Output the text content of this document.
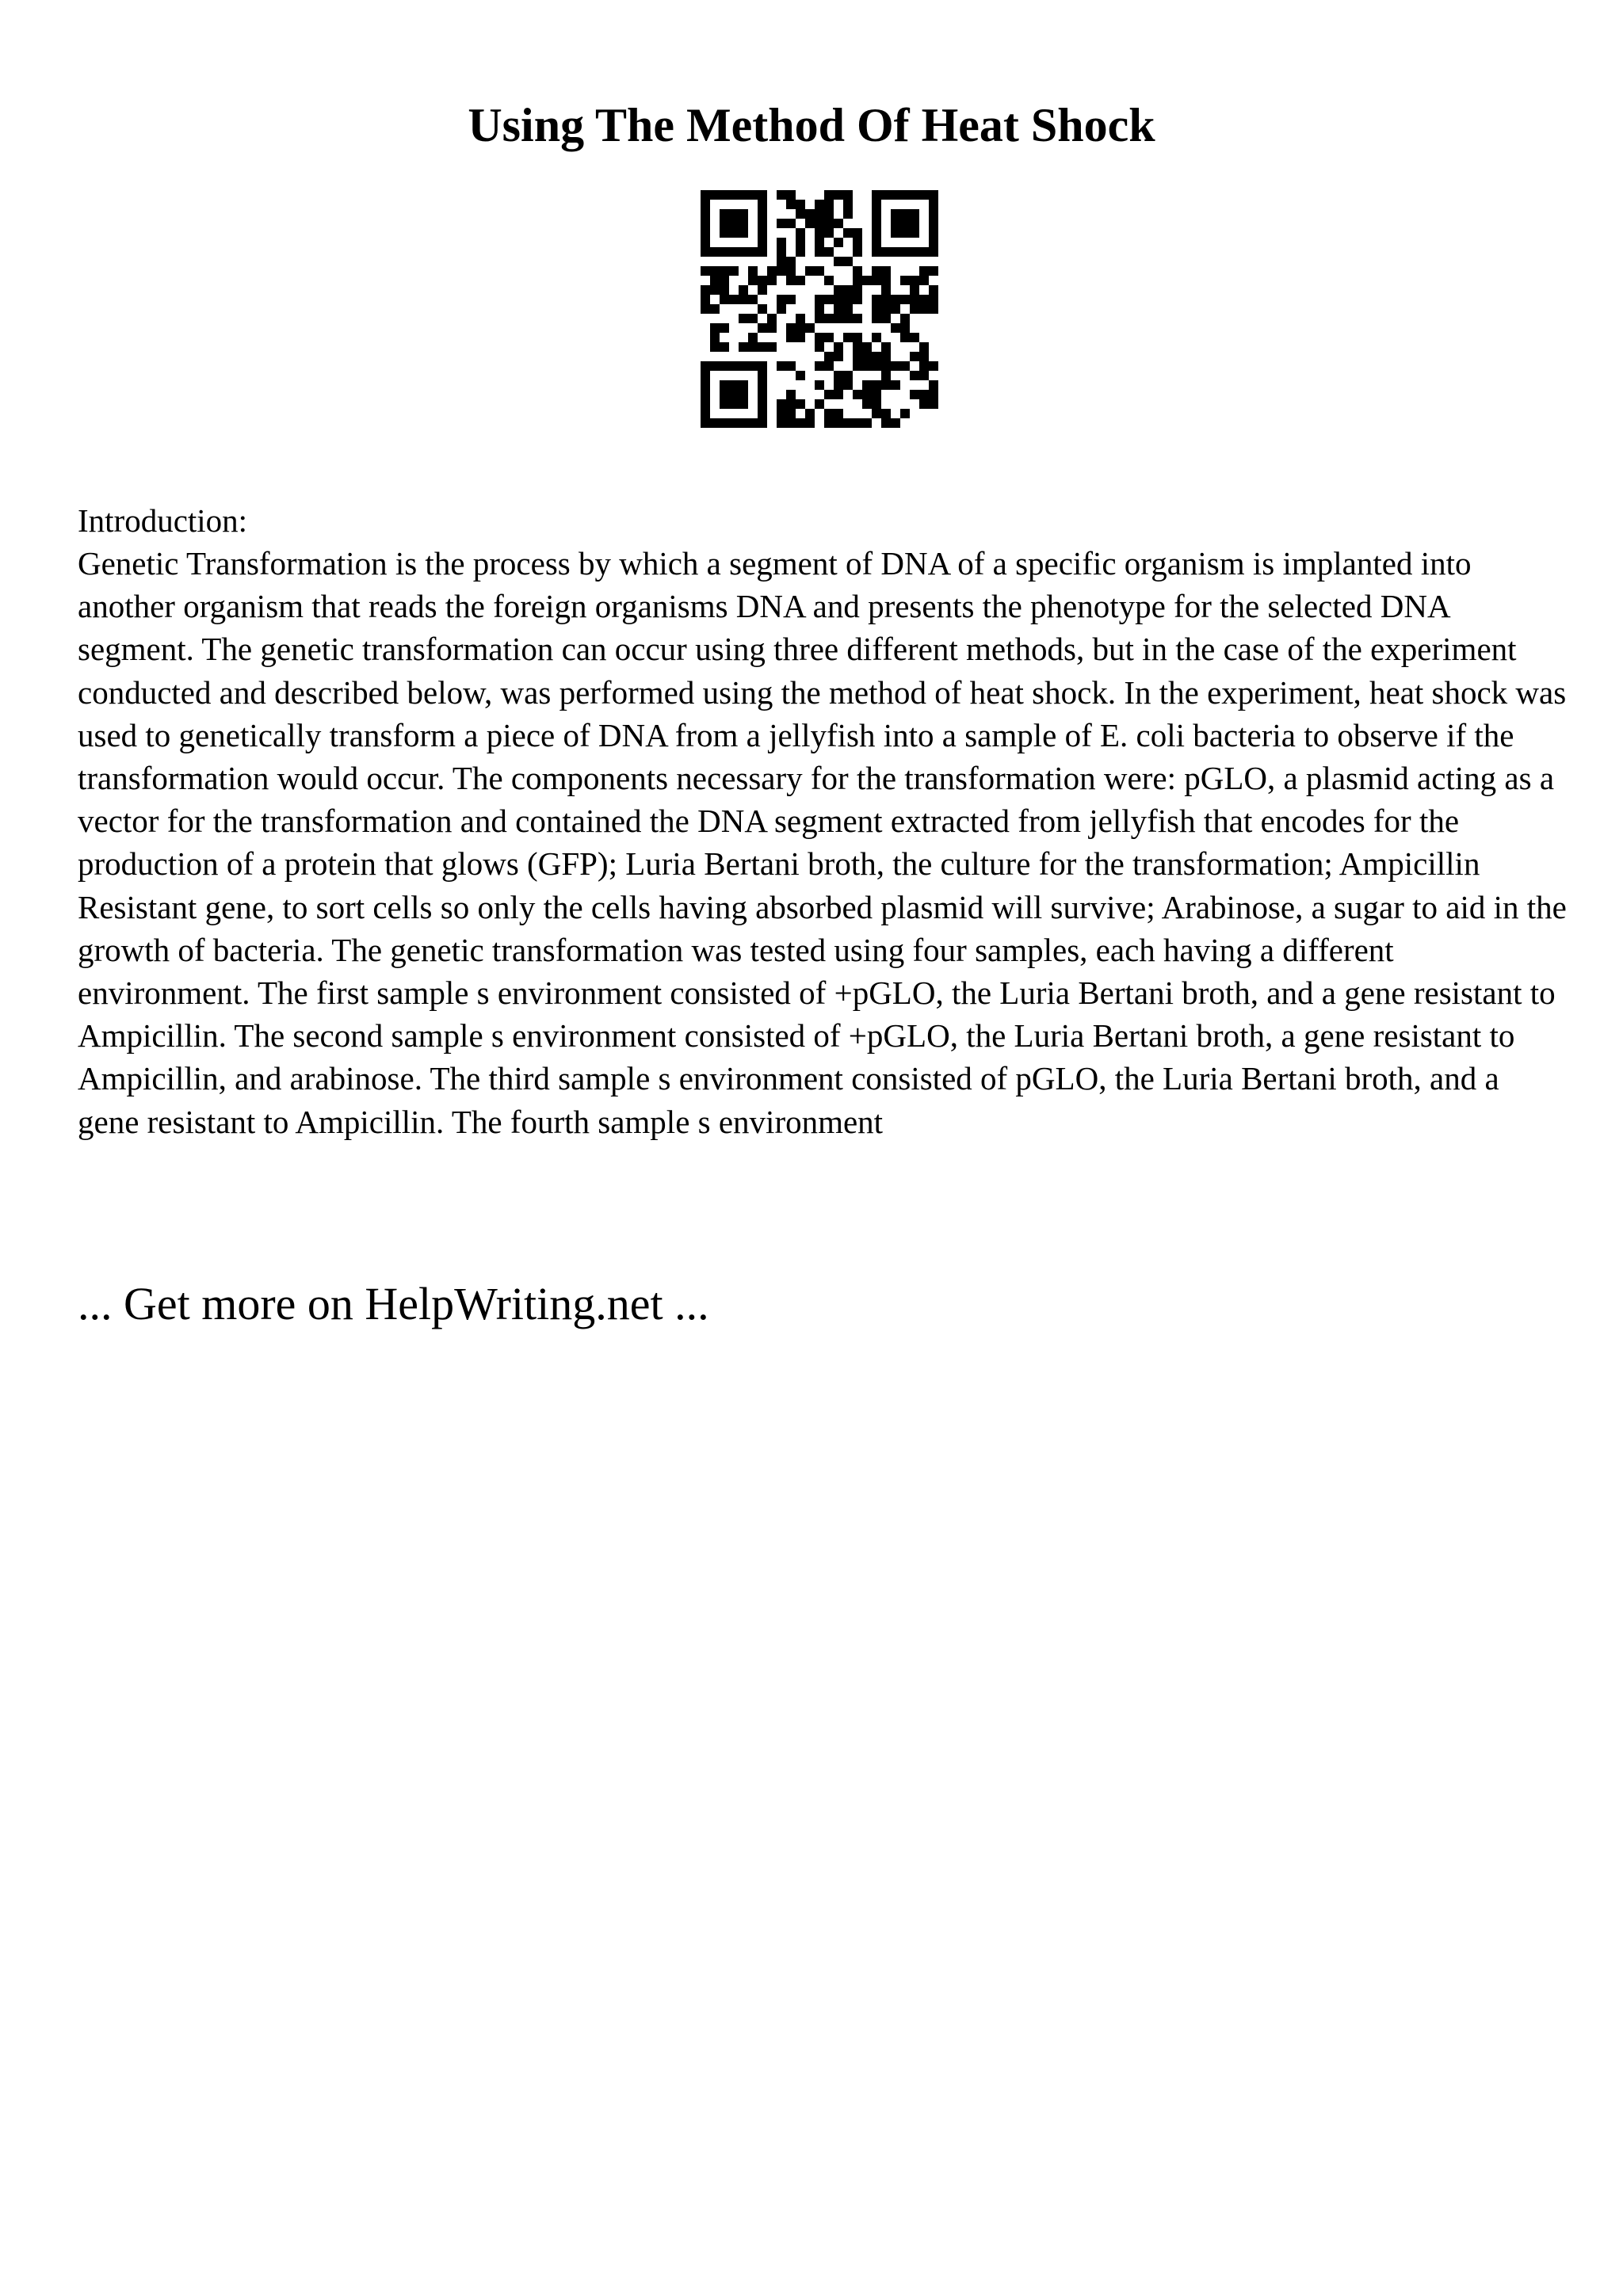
Using The Method Of Heat Shock

Introduction:

Genetic Transformation is the process by which a segment of DNA of a specific organism is implanted into another organism that reads the foreign organisms DNA and presents the phenotype for the selected DNA segment. The genetic transformation can occur using three different methods, but in the case of the experiment conducted and described below, was performed using the method of heat shock. In the experiment, heat shock was used to genetically transform a piece of DNA from a jellyfish into a sample of E. coli bacteria to observe if the transformation would occur. The components necessary for the transformation were: pGLO, a plasmid acting as a vector for the transformation and contained the DNA segment extracted from jellyfish that encodes for the production of a protein that glows (GFP); Luria Bertani broth, the culture for the transformation; Ampicillin Resistant gene, to sort cells so only the cells having absorbed plasmid will survive; Arabinose, a sugar to aid in the growth of bacteria. The genetic transformation was tested using four samples, each having a different environment. The first sample s environment consisted of +pGLO, the Luria Bertani broth, and a gene resistant to Ampicillin. The second sample s environment consisted of +pGLO, the Luria Bertani broth, a gene resistant to Ampicillin, and arabinose. The third sample s environment consisted of pGLO, the Luria Bertani broth, and a gene resistant to Ampicillin. The fourth sample s environment

... Get more on HelpWriting.net ...
